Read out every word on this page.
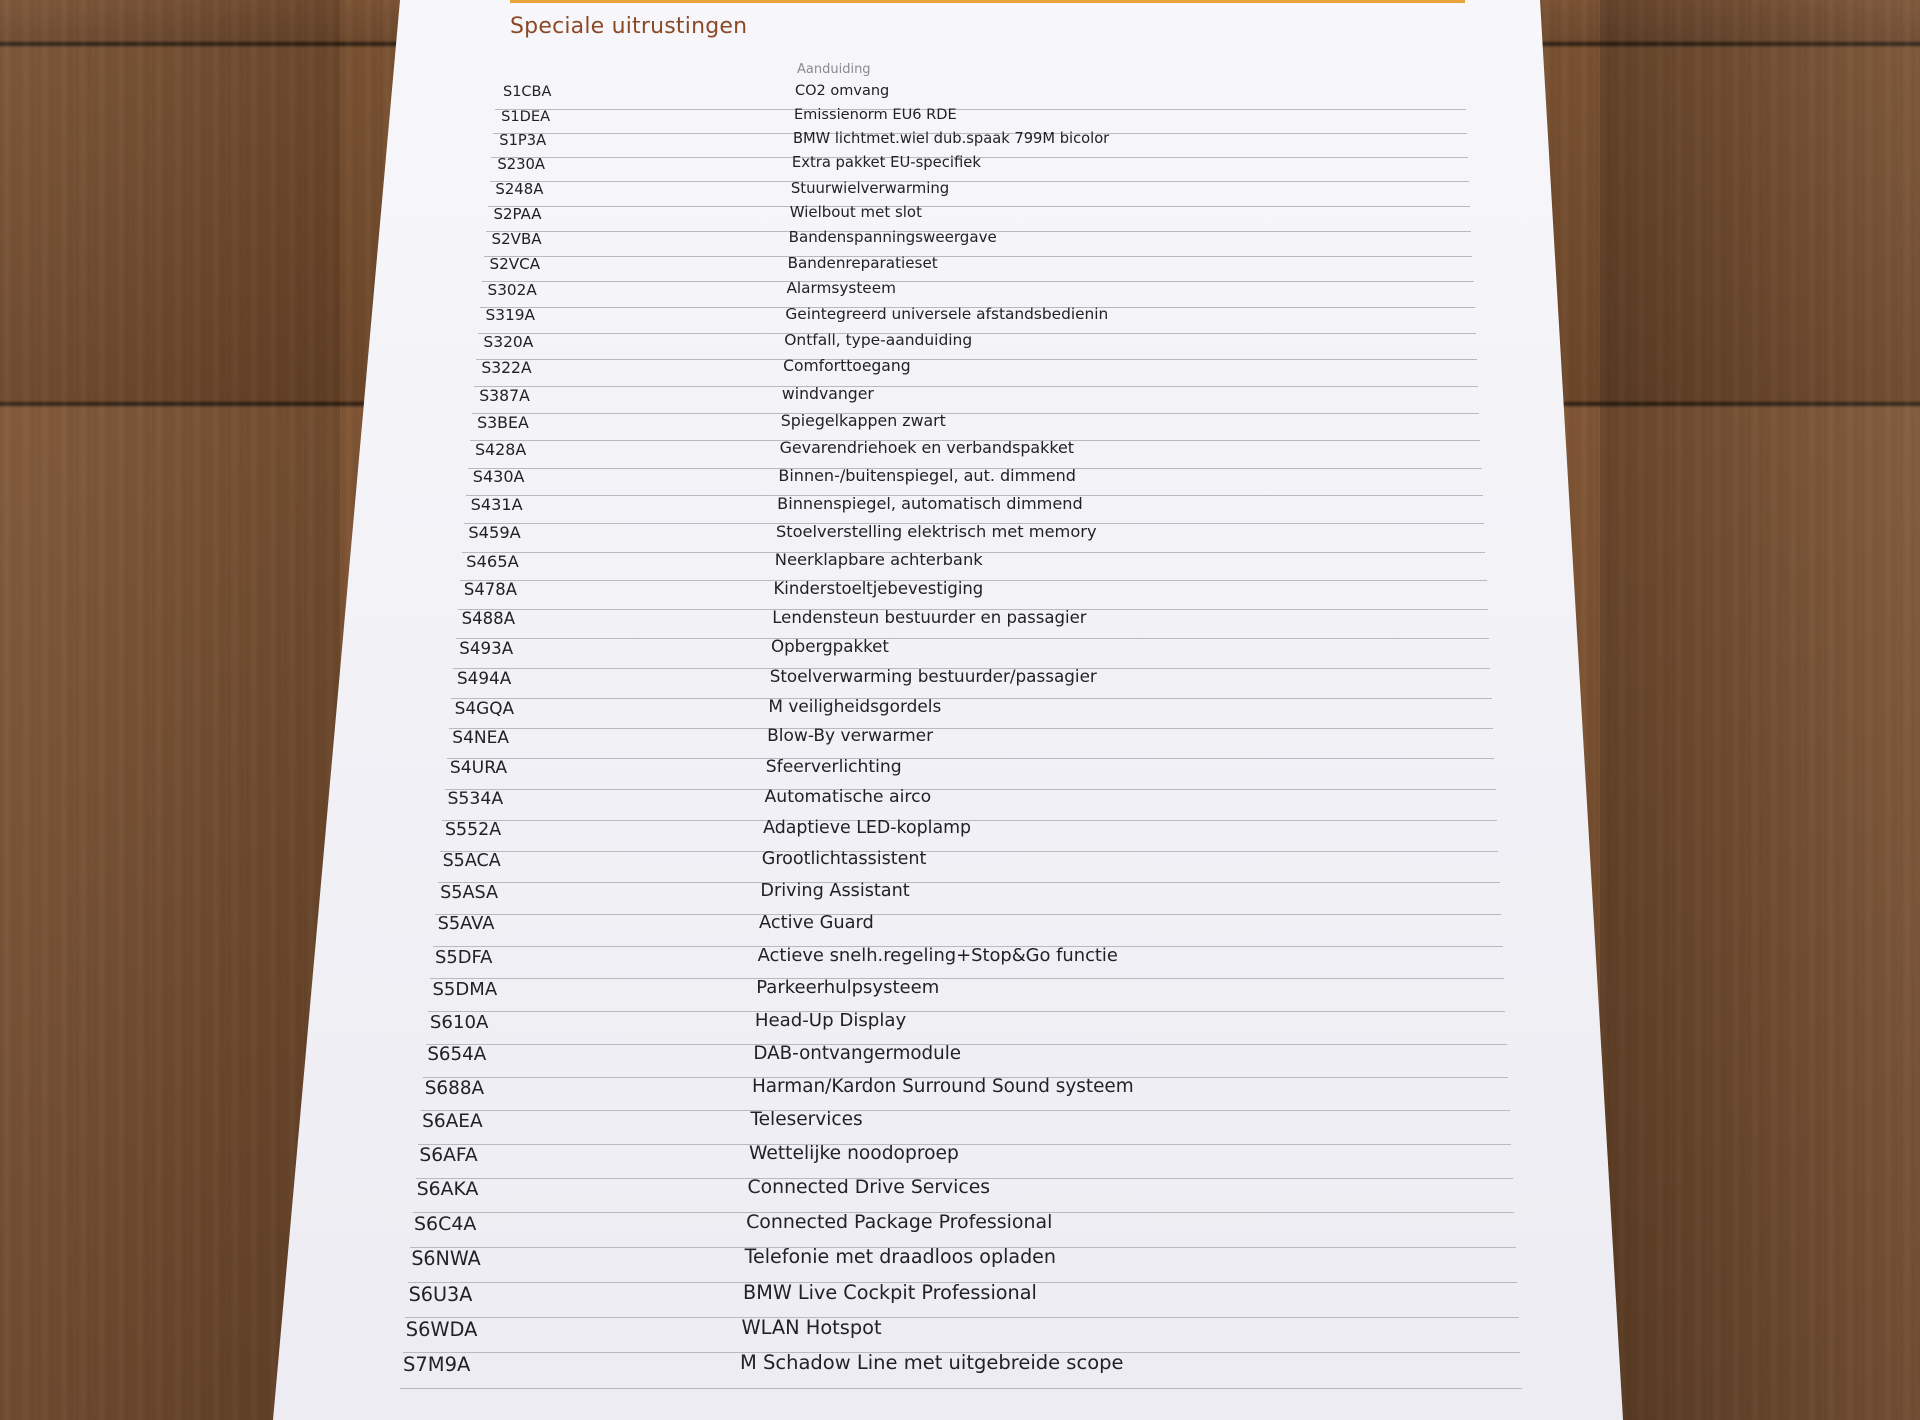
Speciale uitrustingen
Aanduiding
S1CBA	CO2 omvang
S1DEA	Emissienorm EU6 RDE
S1P3A	BMW lichtmet.wiel dub.spaak 799M bicolor
S230A	Extra pakket EU-specifiek
S248A	Stuurwielverwarming
S2PAA	Wielbout met slot
S2VBA	Bandenspanningsweergave
S2VCA	Bandenreparatieset
S302A	Alarmsysteem
S319A	Geintegreerd universele afstandsbedienin
S320A	Ontfall, type-aanduiding
S322A	Comforttoegang
S387A	windvanger
S3BEA	Spiegelkappen zwart
S428A	Gevarendriehoek en verbandspakket
S430A	Binnen-/buitenspiegel, aut. dimmend
S431A	Binnenspiegel, automatisch dimmend
S459A	Stoelverstelling elektrisch met memory
S465A	Neerklapbare achterbank
S478A	Kinderstoeltjebevestiging
S488A	Lendensteun bestuurder en passagier
S493A	Opbergpakket
S494A	Stoelverwarming bestuurder/passagier
S4GQA	M veiligheidsgordels
S4NEA	Blow-By verwarmer
S4URA	Sfeerverlichting
S534A	Automatische airco
S552A	Adaptieve LED-koplamp
S5ACA	Grootlichtassistent
S5ASA	Driving Assistant
S5AVA	Active Guard
S5DFA	Actieve snelh.regeling+Stop&Go functie
S5DMA	Parkeerhulpsysteem
S610A	Head-Up Display
S654A	DAB-ontvangermodule
S688A	Harman/Kardon Surround Sound systeem
S6AEA	Teleservices
S6AFA	Wettelijke noodoproep
S6AKA	Connected Drive Services
S6C4A	Connected Package Professional
S6NWA	Telefonie met draadloos opladen
S6U3A	BMW Live Cockpit Professional
S6WDA	WLAN Hotspot
S7M9A	M Schadow Line met uitgebreide scope
